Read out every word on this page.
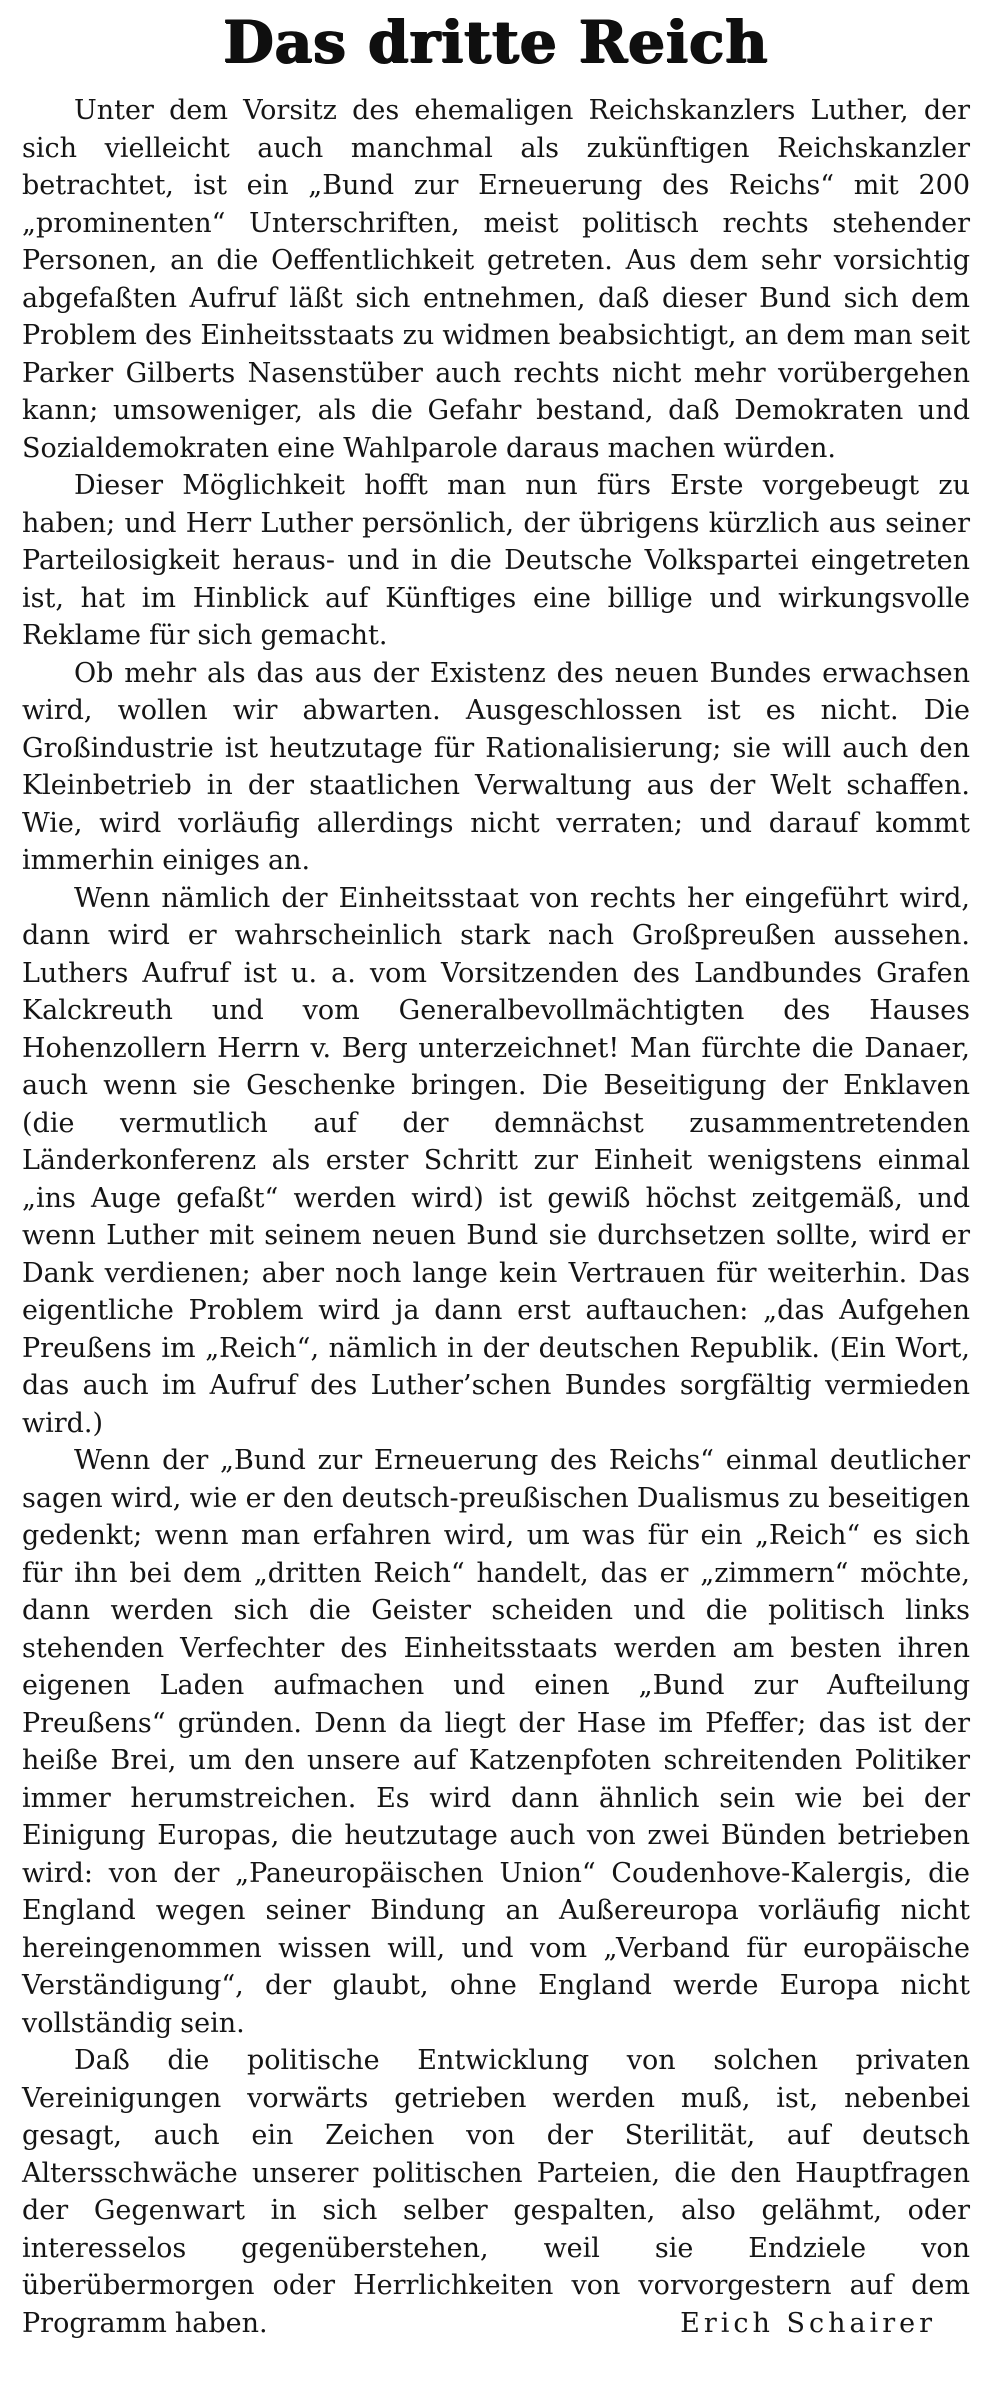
Das dritte Reich

Unter dem Vorsitz des ehemaligen Reichskanzlers Luther, der sich vielleicht auch manchmal als zukünftigen Reichskanzler betrachtet, ist ein „Bund zur Erneuerung des Reichs“ mit 200 „prominenten“ Unterschriften, meist politisch rechts stehender Personen, an die Oeffentlichkeit getreten. Aus dem sehr vorsichtig abgefaßten Aufruf läßt sich entnehmen, daß dieser Bund sich dem Problem des Einheitsstaats zu widmen beabsichtigt, an dem man seit Parker Gilberts Nasenstüber auch rechts nicht mehr vorübergehen kann; umsoweniger, als die Gefahr bestand, daß Demokraten und Sozialdemokraten eine Wahlparole daraus machen würden.

Dieser Möglichkeit hofft man nun fürs Erste vorgebeugt zu haben; und Herr Luther persönlich, der übrigens kürzlich aus seiner Parteilosigkeit heraus- und in die Deutsche Volkspartei eingetreten ist, hat im Hinblick auf Künftiges eine billige und wirkungsvolle Reklame für sich gemacht.

Ob mehr als das aus der Existenz des neuen Bundes erwachsen wird, wollen wir abwarten. Ausgeschlossen ist es nicht. Die Großindustrie ist heutzutage für Rationalisierung; sie will auch den Kleinbetrieb in der staatlichen Verwaltung aus der Welt schaffen. Wie, wird vorläufig allerdings nicht verraten; und darauf kommt immerhin einiges an.

Wenn nämlich der Einheitsstaat von rechts her eingeführt wird, dann wird er wahrscheinlich stark nach Großpreußen aussehen. Luthers Aufruf ist u. a. vom Vorsitzenden des Landbundes Grafen Kalckreuth und vom Generalbevollmächtigten des Hauses Hohenzollern Herrn v. Berg unterzeichnet! Man fürchte die Danaer, auch wenn sie Geschenke bringen. Die Beseitigung der Enklaven (die vermutlich auf der demnächst zusammentretenden Länderkonferenz als erster Schritt zur Einheit wenigstens einmal „ins Auge gefaßt“ werden wird) ist gewiß höchst zeitgemäß, und wenn Luther mit seinem neuen Bund sie durchsetzen sollte, wird er Dank verdienen; aber noch lange kein Vertrauen für weiterhin. Das eigentliche Problem wird ja dann erst auftauchen: „das Aufgehen Preußens im „Reich“, nämlich in der deutschen Republik. (Ein Wort, das auch im Aufruf des Luther’schen Bundes sorgfältig vermieden wird.)

Wenn der „Bund zur Erneuerung des Reichs“ einmal deutlicher sagen wird, wie er den deutsch-preußischen Dualismus zu beseitigen gedenkt; wenn man erfahren wird, um was für ein „Reich“ es sich für ihn bei dem „dritten Reich“ handelt, das er „zimmern“ möchte, dann werden sich die Geister scheiden und die politisch links stehenden Verfechter des Einheitsstaats werden am besten ihren eigenen Laden aufmachen und einen „Bund zur Aufteilung Preußens“ gründen. Denn da liegt der Hase im Pfeffer; das ist der heiße Brei, um den unsere auf Katzenpfoten schreitenden Politiker immer herumstreichen. Es wird dann ähnlich sein wie bei der Einigung Europas, die heutzutage auch von zwei Bünden betrieben wird: von der „Paneuropäischen Union“ Coudenhove-Kalergis, die England wegen seiner Bindung an Außereuropa vorläufig nicht hereingenommen wissen will, und vom „Verband für europäische Verständigung“, der glaubt, ohne England werde Europa nicht vollständig sein.

Daß die politische Entwicklung von solchen privaten Vereinigungen vorwärts getrieben werden muß, ist, nebenbei gesagt, auch ein Zeichen von der Sterilität, auf deutsch Altersschwäche unserer politischen Parteien, die den Hauptfragen der Gegenwart in sich selber gespalten, also gelähmt, oder interesselos gegenüberstehen, weil sie Endziele von überübermorgen oder Herrlichkeiten von vorvorgestern auf dem Programm haben.	Erich Schairer
